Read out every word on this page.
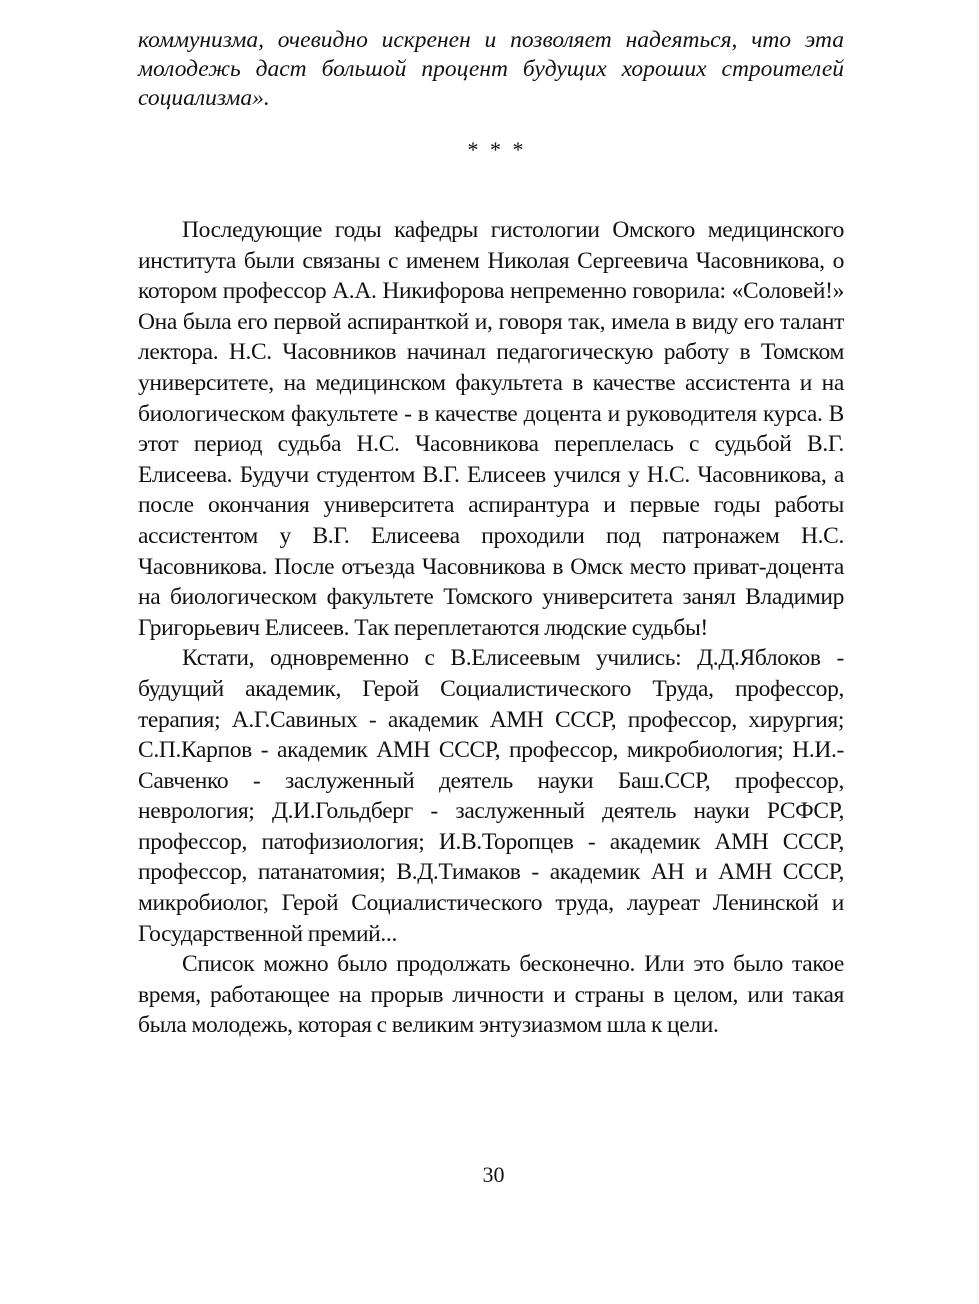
коммунизма, очевидно искренен и позволяет надеяться, что эта молодежь даст большой процент будущих хороших строителей социализма».

* * *

Последующие годы кафедры гистологии Омского медицинского института были связаны с именем Николая Сергеевича Часовникова, о котором профессор А.А. Никифорова непременно говорила: «Соловей!» Она была его первой аспиранткой и, говоря так, имела в виду его талант лектора. Н.С. Часовников начинал педагогическую работу в Томском университете, на медицинском факультета в качестве ассистента и на биологическом факультете - в качестве доцента и руководителя курса. В этот период судьба Н.С. Часовникова переплелась с судьбой В.Г. Елисеева. Будучи студентом В.Г. Елисеев учился у Н.С. Часовникова, а после окончания университета аспирантура и первые годы работы ассистентом у В.Г. Елисеева проходили под патронажем Н.С. Часовникова. После отъезда Часовникова в Омск место приват-доцента на биологическом факультете Томского университета занял Владимир Григорьевич Елисеев. Так переплетаются людские судьбы!

Кстати, одновременно с В.Елисеевым учились: Д.Д.Яблоков - будущий академик, Герой Социалистического Труда, профессор, терапия; А.Г.Савиных - академик АМН СССР, профессор, хирургия; С.П.Карпов - академик АМН СССР, профессор, микробиология; Н.И.-Савченко - заслуженный деятель науки Баш.ССР, профессор, неврология; Д.И.Гольдберг - заслуженный деятель науки РСФСР, профессор, патофизиология; И.В.Торопцев - академик АМН СССР, профессор, патанатомия; В.Д.Тимаков - академик АН и АМН СССР, микробиолог, Герой Социалистического труда, лауреат Ленинской и Государственной премий...

Список можно было продолжать бесконечно. Или это было такое время, работающее на прорыв личности и страны в целом, или такая была молодежь, которая с великим энтузиазмом шла к цели.

30
